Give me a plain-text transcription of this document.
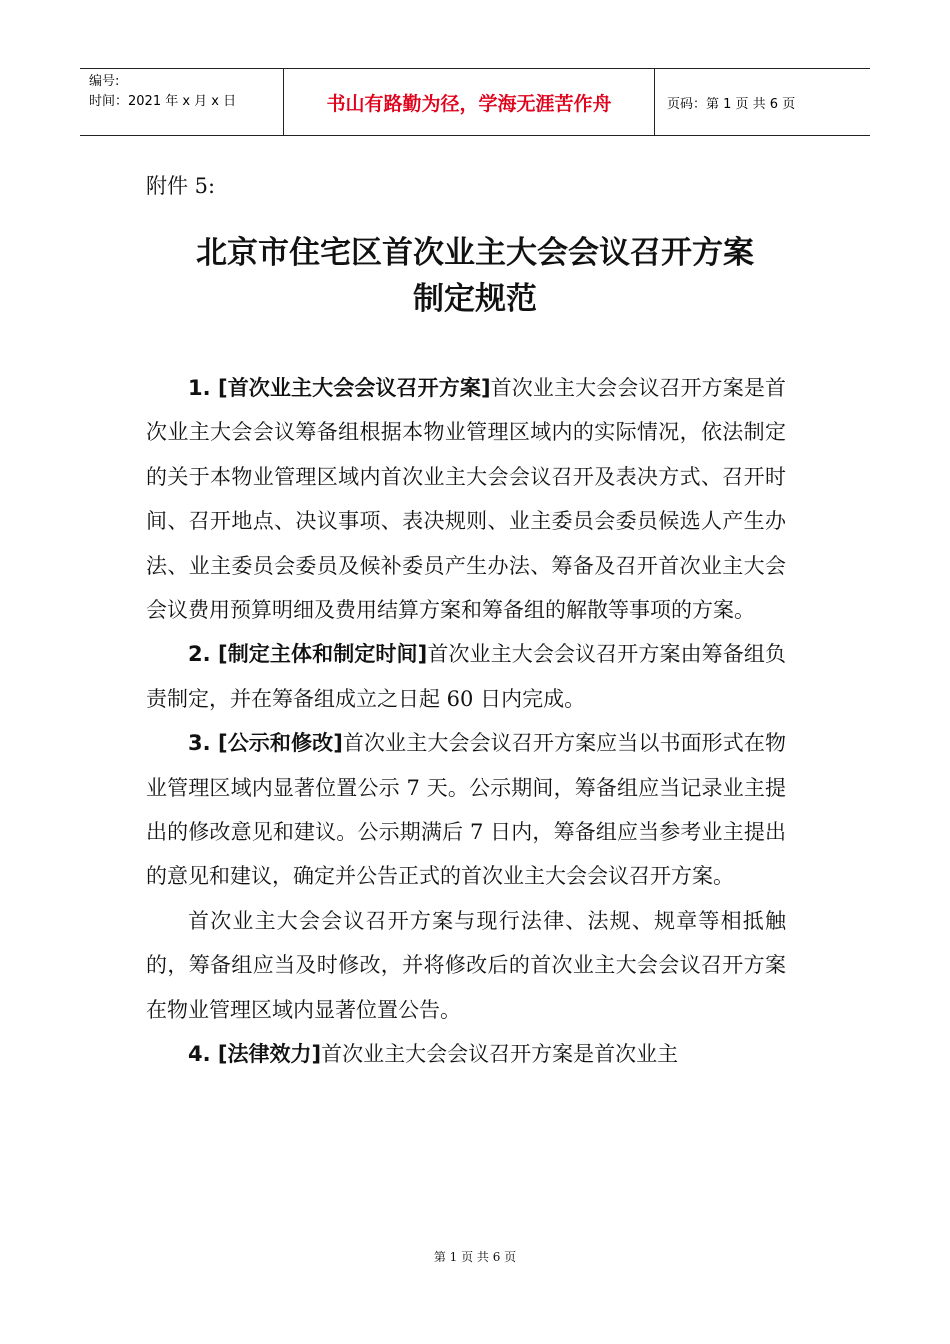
编号:
时间：2021 年 x 月 x 日	书山有路勤为径，学海无涯苦作舟	页码：第 1 页 共 6 页
附件 5:
北京市住宅区首次业主大会会议召开方案
制定规范

1. [首次业主大会会议召开方案]首次业主大会会议召开方案是首次业主大会会议筹备组根据本物业管理区域内的实际情况，依法制定的关于本物业管理区域内首次业主大会会议召开及表决方式、召开时间、召开地点、决议事项、表决规则、业主委员会委员候选人产生办法、业主委员会委员及候补委员产生办法、筹备及召开首次业主大会会议费用预算明细及费用结算方案和筹备组的解散等事项的方案。

2. [制定主体和制定时间]首次业主大会会议召开方案由筹备组负责制定，并在筹备组成立之日起 60 日内完成。

3. [公示和修改]首次业主大会会议召开方案应当以书面形式在物业管理区域内显著位置公示 7 天。公示期间，筹备组应当记录业主提出的修改意见和建议。公示期满后 7 日内，筹备组应当参考业主提出的意见和建议，确定并公告正式的首次业主大会会议召开方案。

首次业主大会会议召开方案与现行法律、法规、规章等相抵触的，筹备组应当及时修改，并将修改后的首次业主大会会议召开方案在物业管理区域内显著位置公告。

4. [法律效力]首次业主大会会议召开方案是首次业主

第 1 页 共 6 页
